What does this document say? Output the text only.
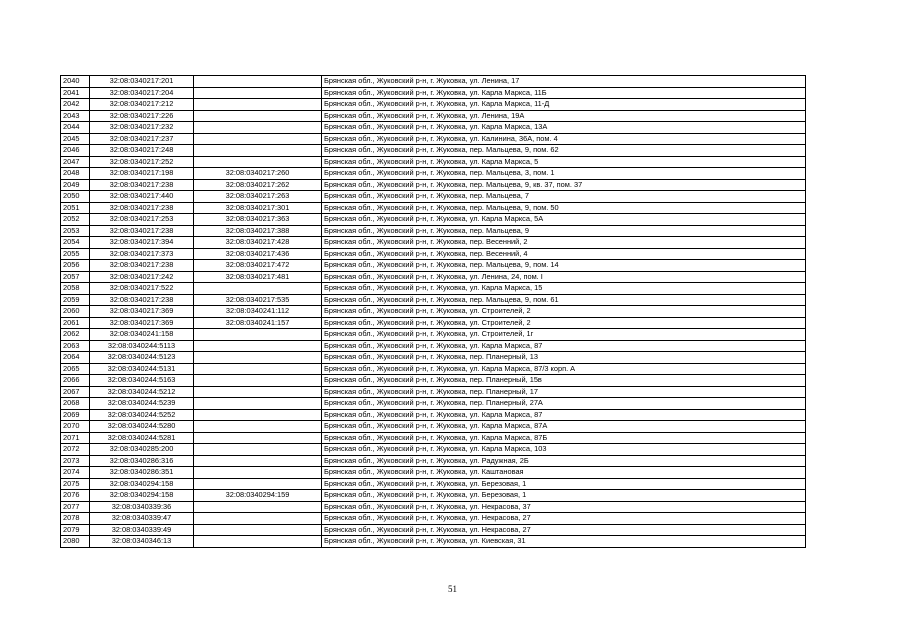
2040	32:08:0340217:201		Брянская обл., Жуковский р-н, г. Жуковка, ул. Ленина, 17
2041	32:08:0340217:204		Брянская обл., Жуковский р-н, г. Жуковка, ул. Карла Маркса, 11Б
2042	32:08:0340217:212		Брянская обл., Жуковский р-н, г. Жуковка, ул. Карла Маркса, 11-Д
2043	32:08:0340217:226		Брянская обл., Жуковский р-н, г. Жуковка, ул. Ленина, 19А
2044	32:08:0340217:232		Брянская обл., Жуковский р-н, г. Жуковка, ул. Карла Маркса, 13А
2045	32:08:0340217:237		Брянская обл., Жуковский р-н, г. Жуковка, ул. Калинина, 36А, пом. 4
2046	32:08:0340217:248		Брянская обл., Жуковский р-н, г. Жуковка, пер. Мальцева, 9, пом. 62
2047	32:08:0340217:252		Брянская обл., Жуковский р-н, г. Жуковка, ул. Карла Маркса, 5
2048	32:08:0340217:198	32:08:0340217:260	Брянская обл., Жуковский р-н, г. Жуковка, пер. Мальцева, 3, пом. 1
2049	32:08:0340217:238	32:08:0340217:262	Брянская обл., Жуковский р-н, г. Жуковка, пер. Мальцева, 9, кв. 37, пом. 37
2050	32:08:0340217:440	32:08:0340217:263	Брянская обл., Жуковский р-н, г. Жуковка, пер. Мальцева, 7
2051	32:08:0340217:238	32:08:0340217:301	Брянская обл., Жуковский р-н, г. Жуковка, пер. Мальцева, 9, пом. 50
2052	32:08:0340217:253	32:08:0340217:363	Брянская обл., Жуковский р-н, г. Жуковка, ул. Карла Маркса, 5А
2053	32:08:0340217:238	32:08:0340217:388	Брянская обл., Жуковский р-н, г. Жуковка, пер. Мальцева, 9
2054	32:08:0340217:394	32:08:0340217:428	Брянская обл., Жуковский р-н, г. Жуковка, пер. Весенний, 2
2055	32:08:0340217:373	32:08:0340217:436	Брянская обл., Жуковский р-н, г. Жуковка, пер. Весенний, 4
2056	32:08:0340217:238	32:08:0340217:472	Брянская обл., Жуковский р-н, г. Жуковка, пер. Мальцева, 9, пом. 14
2057	32:08:0340217:242	32:08:0340217:481	Брянская обл., Жуковский р-н, г. Жуковка, ул. Ленина, 24, пом. I
2058	32:08:0340217:522		Брянская обл., Жуковский р-н, г. Жуковка, ул. Карла Маркса, 15
2059	32:08:0340217:238	32:08:0340217:535	Брянская обл., Жуковский р-н, г. Жуковка, пер. Мальцева, 9, пом. 61
2060	32:08:0340217:369	32:08:0340241:112	Брянская обл., Жуковский р-н, г. Жуковка, ул. Строителей, 2
2061	32:08:0340217:369	32:08:0340241:157	Брянская обл., Жуковский р-н, г. Жуковка, ул. Строителей, 2
2062	32:08:0340241:158		Брянская обл., Жуковский р-н, г. Жуковка, ул. Строителей, 1г
2063	32:08:0340244:5113		Брянская обл., Жуковский р-н, г. Жуковка, ул. Карла Маркса, 87
2064	32:08:0340244:5123		Брянская обл., Жуковский р-н, г. Жуковка, пер. Планерный, 13
2065	32:08:0340244:5131		Брянская обл., Жуковский р-н, г. Жуковка, ул. Карла Маркса, 87/3 корп. А
2066	32:08:0340244:5163		Брянская обл., Жуковский р-н, г. Жуковка, пер. Планерный, 15в
2067	32:08:0340244:5212		Брянская обл., Жуковский р-н, г. Жуковка, пер. Планерный, 17
2068	32:08:0340244:5239		Брянская обл., Жуковский р-н, г. Жуковка, пер. Планерный, 27А
2069	32:08:0340244:5252		Брянская обл., Жуковский р-н, г. Жуковка, ул. Карла Маркса, 87
2070	32:08:0340244:5280		Брянская обл., Жуковский р-н, г. Жуковка, ул. Карла Маркса, 87А
2071	32:08:0340244:5281		Брянская обл., Жуковский р-н, г. Жуковка, ул. Карла Маркса, 87Б
2072	32:08:0340285:200		Брянская обл., Жуковский р-н, г. Жуковка, ул. Карла Маркса, 103
2073	32:08:0340286:316		Брянская обл., Жуковский р-н, г. Жуковка, ул. Радужная, 2Б
2074	32:08:0340286:351		Брянская обл., Жуковский р-н, г. Жуковка, ул. Каштановая
2075	32:08:0340294:158		Брянская обл., Жуковский р-н, г. Жуковка, ул. Березовая, 1
2076	32:08:0340294:158	32:08:0340294:159	Брянская обл., Жуковский р-н, г. Жуковка, ул. Березовая, 1
2077	32:08:0340339:36		Брянская обл., Жуковский р-н, г. Жуковка, ул. Некрасова, 37
2078	32:08:0340339:47		Брянская обл., Жуковский р-н, г. Жуковка, ул. Некрасова, 27
2079	32:08:0340339:49		Брянская обл., Жуковский р-н, г. Жуковка, ул. Некрасова, 27
2080	32:08:0340346:13		Брянская обл., Жуковский р-н, г. Жуковка, ул. Киевская, 31
51
